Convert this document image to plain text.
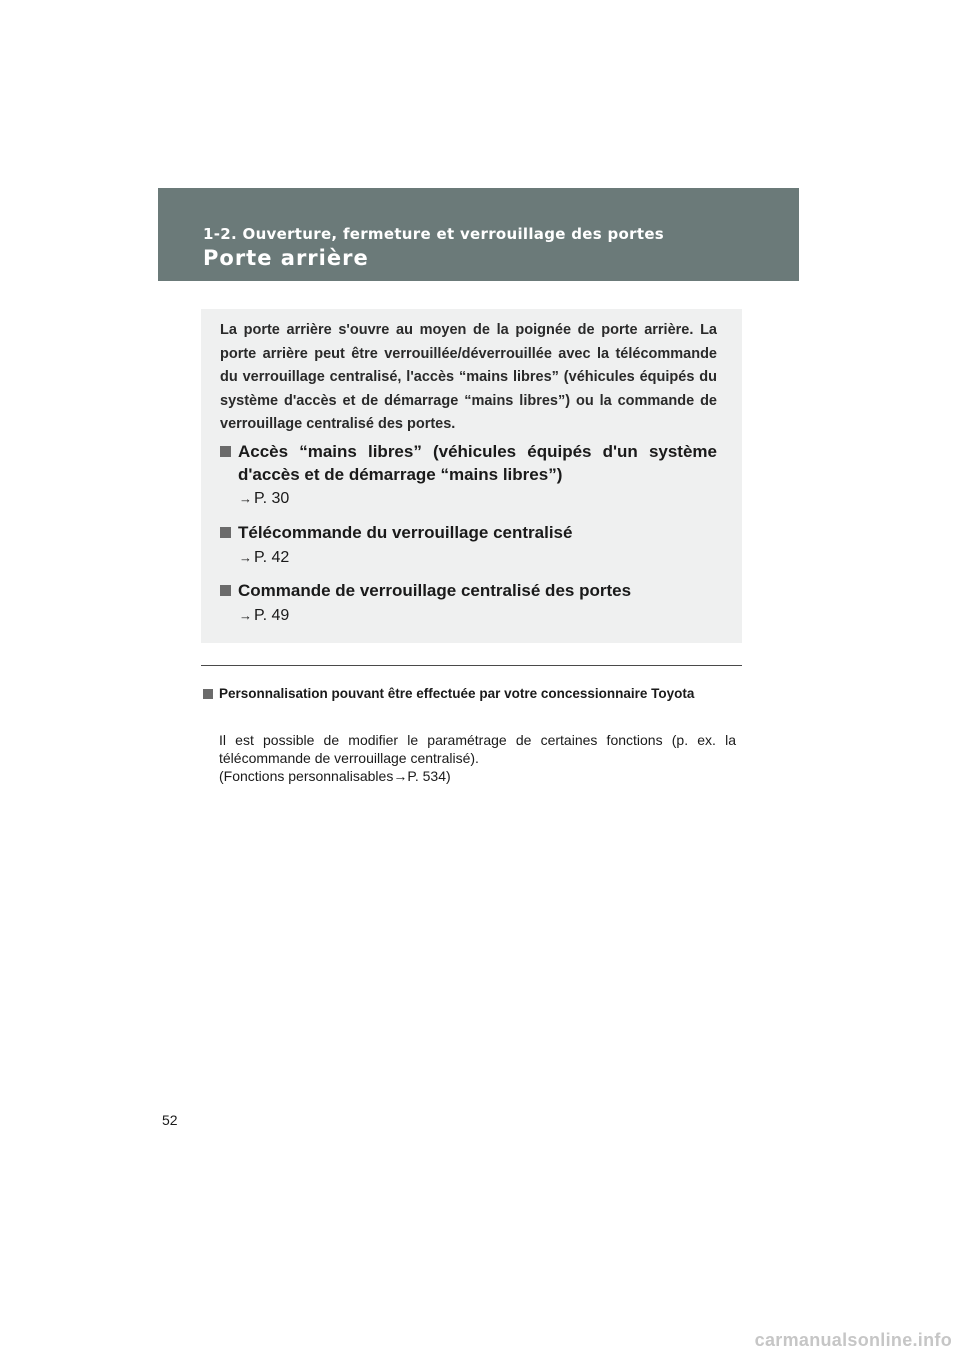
1-2. Ouverture, fermeture et verrouillage des portes
Porte arrière
La porte arrière s'ouvre au moyen de la poignée de porte arrière. La porte arrière peut être verrouillée/déverrouillée avec la télécommande du verrouillage centralisé, l'accès “mains libres” (véhicules équipés du système d'accès et de démarrage “mains libres”) ou la commande de verrouillage centralisé des portes.
Accès “mains libres” (véhicules équipés d'un système d'accès et de démarrage “mains libres”)
→ P. 30
Télécommande du verrouillage centralisé
→ P. 42
Commande de verrouillage centralisé des portes
→ P. 49
Personnalisation pouvant être effectuée par votre concessionnaire Toyota

Il est possible de modifier le paramétrage de certaines fonctions (p. ex. la télécommande de verrouillage centralisé).

(Fonctions personnalisables→P. 534)

52
carmanualsonline.info
